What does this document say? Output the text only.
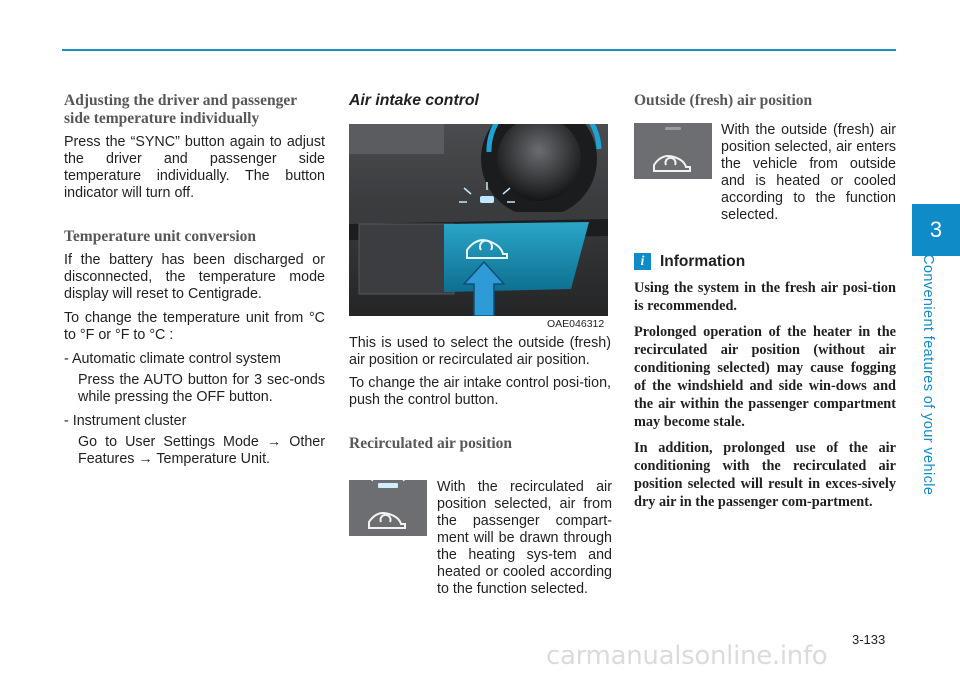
3
Convenient features of your vehicle

Adjusting the driver and passenger side temperature individually

Press the “SYNC” button again to adjust the driver and passenger side temperature individually. The button indicator will turn off.

Temperature unit conversion

If the battery has been discharged or disconnected, the temperature mode display will reset to Centigrade.

To change the temperature unit from °C to °F or °F to °C :

- Automatic climate control system

Press the AUTO button for 3 sec-onds while pressing the OFF button.

- Instrument cluster

Go to User Settings Mode → Other Features → Temperature Unit.

Air intake control

OAE046312

This is used to select the outside (fresh) air position or recirculated air position.

To change the air intake control posi-tion, push the control button.

Recirculated air position

With the recirculated air position selected, air from the passenger compart-ment will be drawn through the heating sys-tem and heated or cooled according to the function selected.

Outside (fresh) air position

With the outside (fresh) air position selected, air enters the vehicle from outside and is heated or cooled according to the function selected.

i Information

Using the system in the fresh air posi-tion is recommended.

Prolonged operation of the heater in the recirculated air position (without air conditioning selected) may cause fogging of the windshield and side win-dows and the air within the passenger compartment may become stale.

In addition, prolonged use of the air conditioning with the recirculated air position selected will result in exces-sively dry air in the passenger com-partment.

3-133
carmanualsonline.info
